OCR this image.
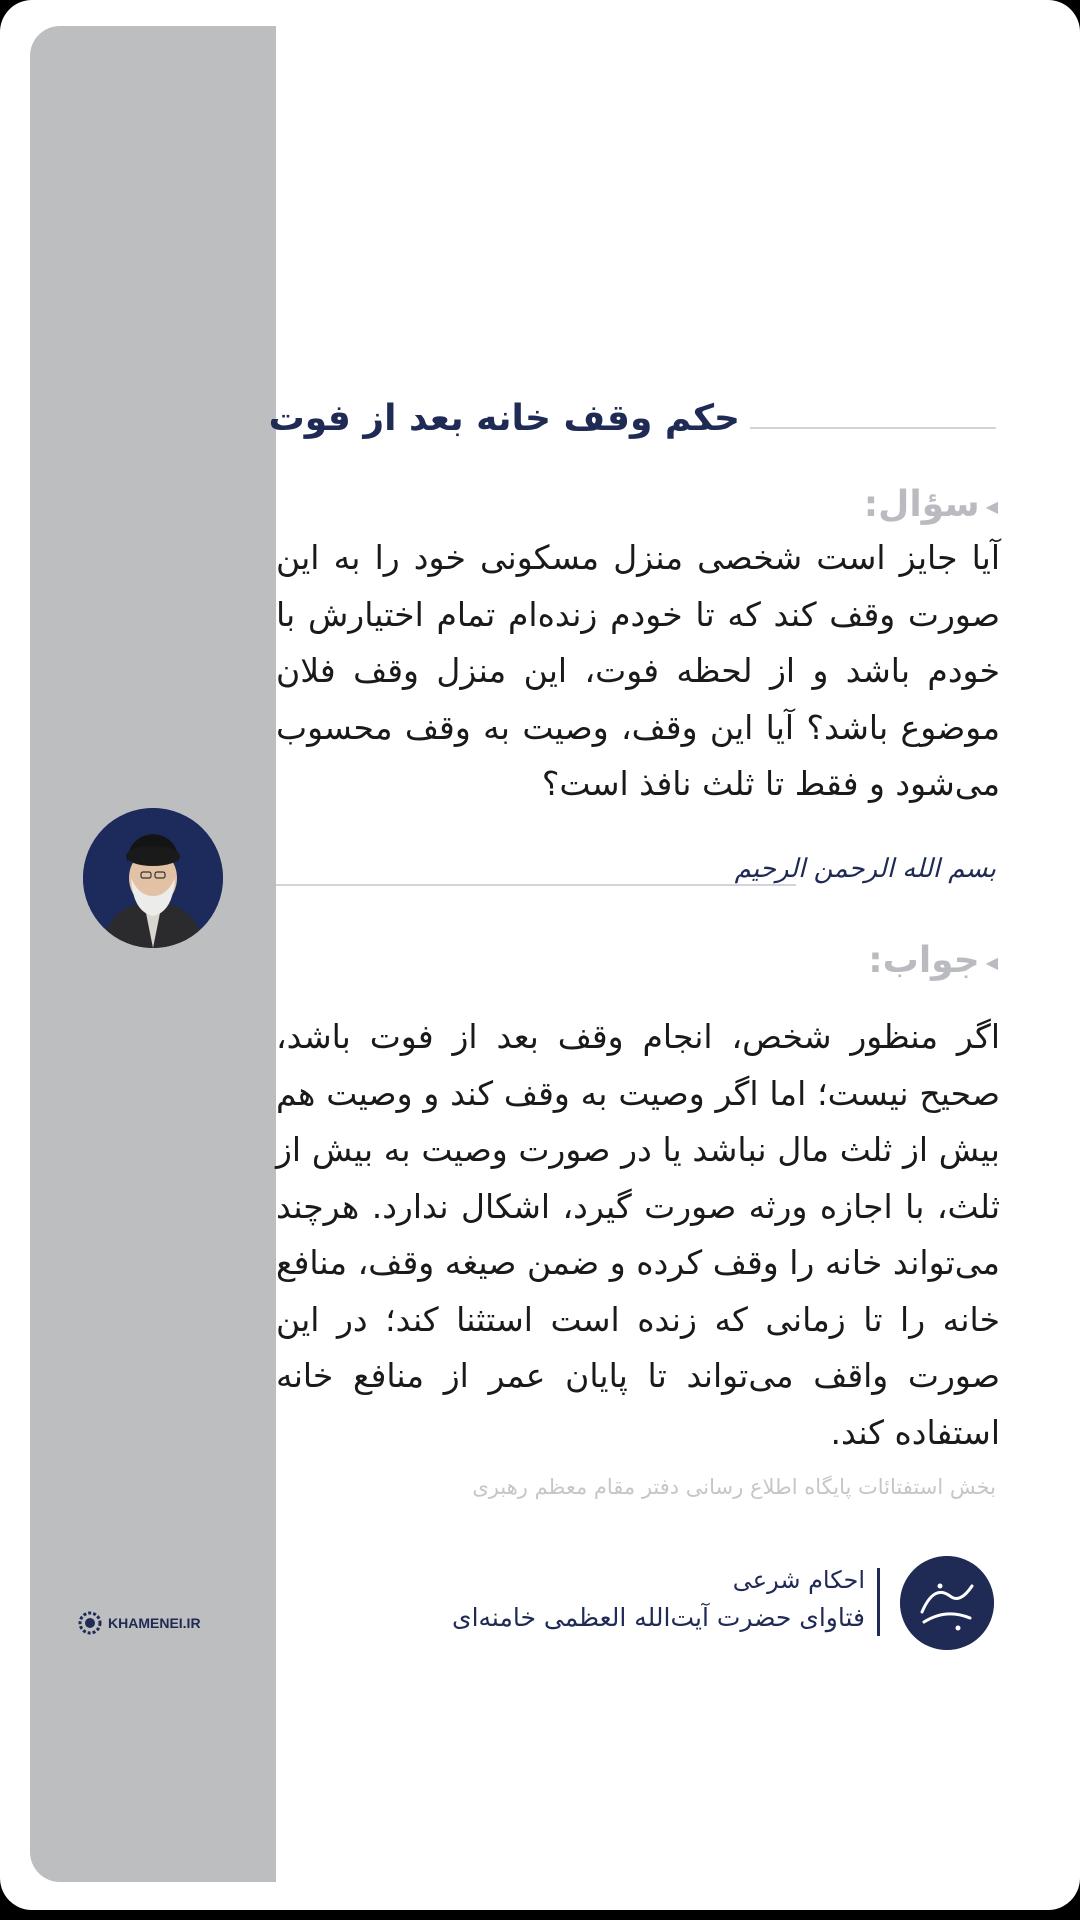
حکم وقف خانه بعد از فوت
◀سؤال:

آیا جایز است شخصی منزل مسکونی خود را به این صورت وقف کند که تا خودم زنده‌ام تمام اختیارش با خودم باشد و از لحظه فوت، این منزل وقف فلان موضوع باشد؟ آیا این وقف، وصیت به وقف محسوب می‌شود و فقط تا ثلث نافذ است؟

بسم الله الرحمن الرحیم
◀جواب:

اگر منظور شخص، انجام وقف بعد از فوت باشد، صحیح نیست؛ اما اگر وصیت به وقف کند و وصیت هم بیش از ثلث مال نباشد یا در صورت وصیت به بیش از ثلث، با اجازه ورثه صورت گیرد، اشکال ندارد. هرچند می‌تواند خانه را وقف کرده و ضمن صیغه وقف، منافع خانه را تا زمانی که زنده است استثنا کند؛ در این صورت واقف می‌تواند تا پایان عمر از منافع خانه استفاده کند.

بخش استفتائات پایگاه اطلاع رسانی دفتر مقام معظم رهبری
احکام شرعی
فتاوای حضرت آیت‌الله العظمی خامنه‌ای
KHAMENEI.IR
